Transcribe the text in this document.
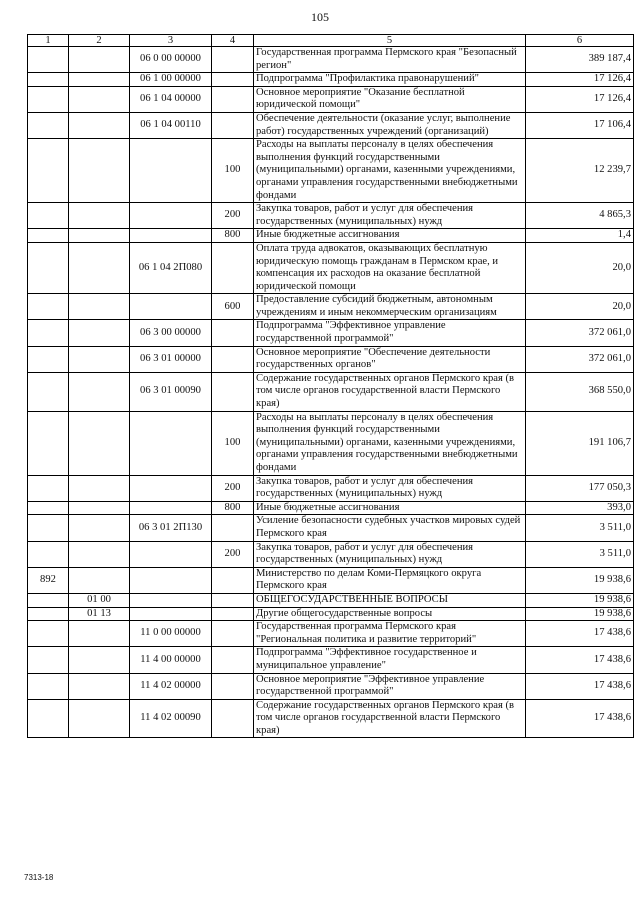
105
1	2	3	4	5	6
		06 0 00 00000		Государственная программа Пермского края "Безопасный регион"	389 187,4
		06 1 00 00000		Подпрограмма "Профилактика правонарушений"	17 126,4
		06 1 04 00000		Основное мероприятие "Оказание бесплатной юридической помощи"	17 126,4
		06 1 04 00110		Обеспечение деятельности (оказание услуг, выполнение работ) государственных учреждений (организаций)	17 106,4
			100	Расходы на выплаты персоналу в целях обеспечения выполнения функций государственными (муниципальными) органами, казенными учреждениями, органами управления государственными внебюджетными фондами	12 239,7
			200	Закупка товаров, работ и услуг для обеспечения государственных (муниципальных) нужд	4 865,3
			800	Иные бюджетные ассигнования	1,4
		06 1 04 2П080		Оплата труда адвокатов, оказывающих бесплатную юридическую помощь гражданам в Пермском крае, и компенсация их расходов на оказание бесплатной юридической помощи	20,0
			600	Предоставление субсидий бюджетным, автономным учреждениям и иным некоммерческим организациям	20,0
		06 3 00 00000		Подпрограмма "Эффективное управление государственной программой"	372 061,0
		06 3 01 00000		Основное мероприятие "Обеспечение деятельности государственных органов"	372 061,0
		06 3 01 00090		Содержание государственных органов Пермского края (в том числе органов государственной власти Пермского края)	368 550,0
			100	Расходы на выплаты персоналу в целях обеспечения выполнения функций государственными (муниципальными) органами, казенными учреждениями, органами управления государственными внебюджетными фондами	191 106,7
			200	Закупка товаров, работ и услуг для обеспечения государственных (муниципальных) нужд	177 050,3
			800	Иные бюджетные ассигнования	393,0
		06 3 01 2П130		Усиление безопасности судебных участков мировых судей Пермского края	3 511,0
			200	Закупка товаров, работ и услуг для обеспечения государственных (муниципальных) нужд	3 511,0
892				Министерство по делам Коми-Пермяцкого округа Пермского края	19 938,6
	01 00			ОБЩЕГОСУДАРСТВЕННЫЕ ВОПРОСЫ	19 938,6
	01 13			Другие общегосударственные вопросы	19 938,6
		11 0 00 00000		Государственная программа Пермского края "Региональная политика и развитие территорий"	17 438,6
		11 4 00 00000		Подпрограмма "Эффективное государственное и муниципальное управление"	17 438,6
		11 4 02 00000		Основное мероприятие "Эффективное управление государственной программой"	17 438,6
		11 4 02 00090		Содержание государственных органов Пермского края (в том числе органов государственной власти Пермского края)	17 438,6
7313-18
